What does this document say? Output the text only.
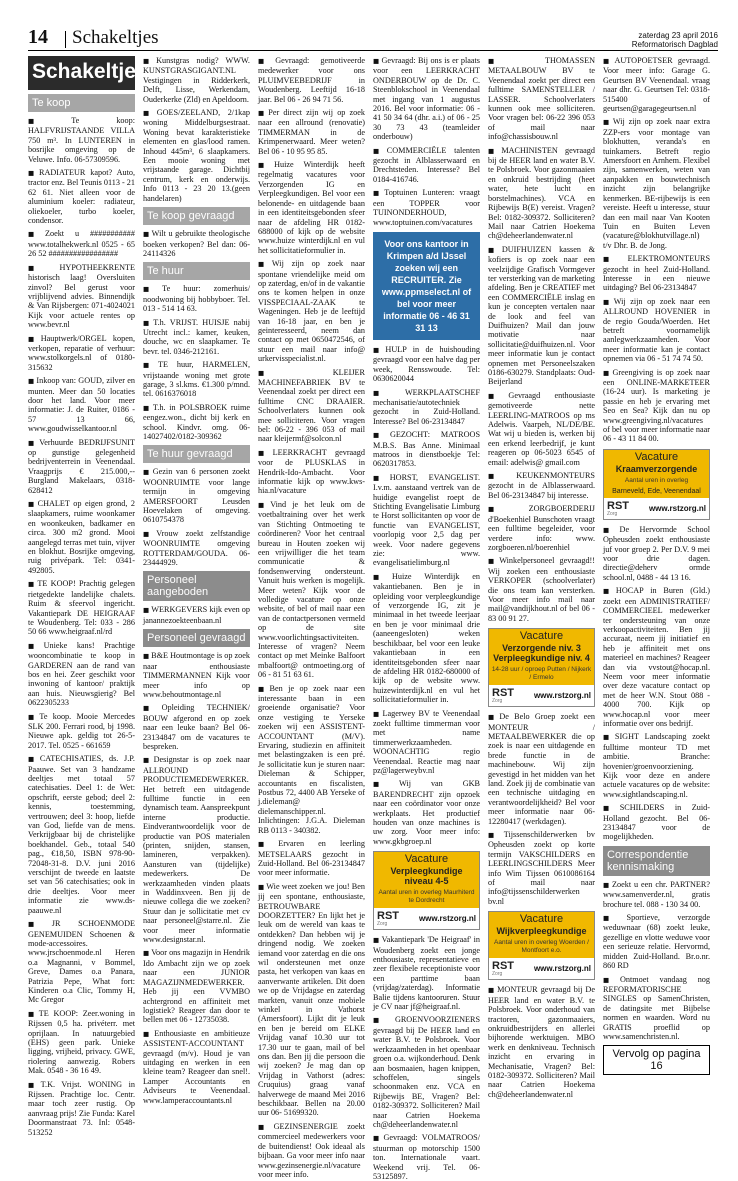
14 Schakeltjes	zaterdag 23 april 2016
Reformatorisch Dagblad
Schakeltjes
Te koop

■ Te koop: HALFVRIJSTAANDE VILLA 750 m³. In LUNTEREN in bosrijke omgeving op de Veluwe. Info. 06-57309596.

■ RADIATEUR kapot? Auto, tractor enz. Bel Teunis 0113 - 21 62 61. Niet alleen voor de aluminium koeler: radiateur, oliekoeler, turbo koeler, condensor.

■ Zoekt u ########### www.totalhekwerk.nl 0525 - 65 26 52 #################

■ HYPOTHEEKRENTE historisch laag! Oversluiten zinvol? Bel gerust voor vrijblijvend advies. Binnendijk & Van Rijsbergen: 071-4024021 Kijk voor actuele rentes op www.bevr.nl

■ Hauptwerk/ORGEL kopen, verkopen, reparatie of verhuur: www.stolkorgels.nl of 0180-315632

■ Inkoop van: GOUD, zilver en munten. Meer dan 50 locaties door het land. Voor meer informatie: J. de Ruiter, 0186 - 57 13 66, www.goudwisselkantoor.nl

■ Verhuurde BEDRIJFSUNIT op gunstige gelegenheid bedrijventerrein in Veenendaal. Vraagprijs € 215.000,-- Burgland Makelaars, 0318-628412

■ CHALET op eigen grond, 2 slaapkamers, ruime woonkamer en woonkeuken, badkamer en circa. 300 m2 grond. Mooi aangelegd terras met tuin, vijver en blokhut. Bosrijke omgeving, ruig privépark. Tel: 0341-492805.

■ TE KOOP! Prachtig gelegen rietgedekte landelijke chalets. Ruim & sfeervol ingericht. Vakantiepark DE HEIGRAAF te Woudenberg. Tel: 033 - 286 50 66 www.heigraaf.nl/rd

■ Unieke kans! Prachtige wooncombinatie te koop in GARDEREN aan de rand van bos en hei. Zeer geschikt voor inwoning of kantoor/ praktijk aan huis. Nieuwsgierig? Bel 0622305233

■ Te koop. Mooie Mercedes SLK 200. Ferrari rood, bj 1998. Nieuwe apk. geldig tot 26-5-2017. Tel. 0525 - 661659

■ CATECHISATIES, ds. J.P. Paauwe. Set van 3 handzame deeltjes met totaal 57 catechisaties. Deel 1: de Wet: opschrift, eerste gebod; deel 2: kennis, toestemming, vertrouwen; deel 3: hoop, liefde van God, liefde van de mens. Verkrijgbaar bij de christelijke boekhandel. Geb., totaal 540 pag., €18,50, ISBN 978-90-72048-31-8. D.V. juni 2016 verschijnt de tweede en laatste set van 56 catechisaties; ook in drie deeltjes. Voor meer informatie zie www.ds-paauwe.nl

■ JR SCHOENMODE GENEMUIDEN Schoenen & mode-accessoires. www.jrschoenmode.nl Heren o.a Magnanni, v Bommel, Greve, Dames o.a Panara, Patrizia Pepe, What fort: Kinderen o.a Clic, Tommy H, Mc Gregor

■ TE KOOP: Zeer.woning in Rijssen 0,5 ha. privéterr. met oprijlaan. In natuurgebied (EHS) geen park. Unieke ligging, vrijheid, privacy. GWE, riolering aanwezig. Robers Mak. 0548 - 36 16 49.

■ T.K. Vrijst. WONING in Rijssen. Prachtige loc. Centr. maar toch zeer rustig. Op aanvraag prijs! Zie Funda: Karel Doormanstraat 73. Inl: 0548-513252

■ Kunstgras nodig? WWW. KUNSTGRASGIGANT.NL Vestigingen in Ridderkerk, Delft, Lisse, Werkendam, Ouderkerke (Zld) en Apeldoorn.

■ GOES/ZEELAND, 2/1kap woning Middelburgsestraat. Woning bevat karakteristieke elementen en glas/lood ramen. Inhoud 445m³, 6 slaapkamers. Een mooie woning met vrijstaande garage. Dichtbij centrum, kerk en onderwijs. Info 0113 - 23 20 13.(geen handelaren)

Te koop gevraagd

■ Wilt u gebruikte theologische boeken verkopen? Bel dan: 06-24114326

Te huur

■ Te huur: zomerhuis/ noodwoning bij hobbyboer. Tel. 013 - 514 14 63.

■ T.h. VRIJST. HUISJE nabij Utrecht incl.: kamer, keuken, douche, wc en slaapkamer. Te bevr. tel. 0346-212161.

■ TE huur, HARMELEN, vrijstaande woning met grote garage, 3 sl.kms. €1.300 p/mnd. tel. 0616376018

■ T.h. in POLSBROEK ruime eengez.won., dicht bij kerk en school. Kindvr. omg. 06-14027402/0182-309362

Te huur gevraagd

■ Gezin van 6 personen zoekt WOONRUIMTE voor lange termijn in omgeving AMERSFOORT Leusden Hoevelaken of omgeving. 0610754378

■ Vrouw zoekt zelfstandige WOONRUIMTE omgeving ROTTERDAM/GOUDA. 06-23444929.

Personeel aangeboden

■ WERKGEVERS kijk even op janannezoekteenbaan.nl

Personeel gevraagd

■ B&E Houtmontage is op zoek naar enthousiaste TIMMERMANNEN Kijk voor meer info op www.behoutmontage.nl

■ Opleiding TECHNIEK/ BOUW afgerond en op zoek naar een leuke baan? Bel 06-23134847 om de vacatures te bespreken.

■ Designstar is op zoek naar ALLROUND PRODUCTIEMEDEWERKER. Het betreft een uitdagende fulltime functie in een dynamisch team. Aanspreekpunt interne productie. Eindverantwoordelijk voor de productie van POS materialen (printen, snijden, stansen, lamineren, verpakken). Aansturen van (tijdelijke) medewerkers. De werkzaamheden vinden plaats in Waddinxveen. Ben jij de nieuwe collega die we zoeken? Stuur dan je sollicitatie met cv naar personeel@starre.nl. Zie voor meer informatie www.designstar.nl.

■ Voor ons magazijn in Hendrik Ido Ambacht zijn we op zoek naar een JUNIOR MAGAZIJNMEDEWERKER. Heb jij een VVMBO achtergrond en affiniteit met logistiek? Reageer dan door te bellen met 06 - 12735038.

■ Enthousiaste en ambitieuze ASSISTENT-ACCOUNTANT gevraagd (m/v). Houd je van uitdaging en werken in een kleine team? Reageer dan snel!. Lamper Accountants en Adviseurs te Veenendaal. www.lamperaccountants.nl

■ Gevraagd: gemotiveerde medewerker voor ons PLUIMVEEBEDRIJF in Woudenberg. Leeftijd 16-18 jaar. Bel 06 - 26 94 71 56.

■ Per direct zijn wij op zoek naar een allround (renovatie) TIMMERMAN in de Krimpenerwaard. Meer weten? Bel 06 - 10 95 95 85.

■ Huize Winterdijk heeft regelmatig vacatures voor Verzorgenden IG en Verpleegkundigen. Bel voor een belonende- en uitdagende baan in een identiteitsgebonden sfeer naar de afdeling HR 0182-688000 of kijk op de website www.huize winterdijk.nl en vul het sollicitatieformulier in.

■ Wij zijn op zoek naar spontane vriendelijke meid om op zaterdag, en/of in de vakantie ons te komen helpen in onze VISSPECIAAL-ZAAK te Wageningen. Heb je de leeftijd van 16-18 jaar, en ben je geinteresseerd, neem dan contact op met 0650472546, of stuur een mail naar info@ urkervisspecialist.nl.

■ KLEIJER MACHINEFABRIEK BV te Veenendaal zoekt per direct een fulltime CNC DRAAIER. Schoolverlaters kunnen ook mee solliciteren. Voor vragen bel: 06-22 - 396 053 of mail naar kleijermf@solcon.nl

■ LEERKRACHT gevraagd voor de PLUSKLAS in Hendrik-Ido-Ambacht. Voor informatie kijk op www.kws-hia.nl/vacature

■ Vind je het leuk om de voetbaltraining over het werk van Stichting Ontmoeting te coördineren? Voor het centraal bureau in Houten zoeken wij een vrijwilliger die het team communicatie & fondsenwerving ondersteunt. Vanuit huis werken is mogelijk. Meer weten? Kijk voor de volledige vacature op onze website, of bel of mail naar een van de contactpersonen vermeld op de site www.voorlichtingsactiviteiten. Interesse of vragen? Neem contact op met Meinke Balfoort mbalfoort@ ontmoeting.org of 06 - 81 51 63 61.

■ Ben je op zoek naar een interessante baan in een groeiende organisatie? Voor onze vestiging te Yerseke zoeken wij een ASSISTENT-ACCOUNTANT (M/V). Ervaring, studiezin en affiniteit met belastingzaken is een pré. Je sollicitatie kun je sturen naar: Dieleman & Schipper, accountants en fiscalisten, Postbus 72, 4400 AB Yerseke of j.dieleman@ dielemanschipper.nl. Inlichtingen: J.G.A. Dieleman RB 0113 - 340382.

■ Ervaren en leerling METSELAARS gezocht in Zuid-Holland. Bel 06-23134847 voor meer informatie.

■ Wie weet zoeken we jou! Ben jij een spontane, enthousiaste, BETROUWBARE DOORZETTER? En lijkt het je leuk om de wereld van kaas te ontdekken? Dan hebben wij je dringend nodig. We zoeken iemand voor zaterdag en die ons wil ondersteunen met onze pasta, het verkopen van kaas en aanverwante artikelen. Dit doen we op de Vrijdagse en zaterdag markten, vanuit onze mobiele winkel in Vathorst (Amersfoort). Lijkt dit je leuk en ben je bereid om ELKE Vrijdag vanaf 10.30 uur tot 17.30 uur te gaan, mail of bel ons dan. Ben jij die persoon die wij zoeken? Je mag dan op Vrijdag in Vathorst (adres: Cruquius) graag vanaf halverwege de maand Mei 2016 beschikbaar. Bellen na 20.00 uur 06- 51699320.

■ GEZINSENERGIE zoekt commercieel medewerkers voor de buitendienst! Ook ideaal als bijbaan. Ga voor meer info naar www.gezinsenergie.nl/vacature voor meer info.

■ Gevraagd: Bij ons is er plaats voor een LEERKRACHT ONDERBOUW op de Dr. C. Steenblokschool in Veenendaal met ingang van 1 augustus 2016. Bel voor informatie: 06 - 41 50 34 64 (dhr. a.i.) of 06 - 25 30 73 43 (teamleider onderbouw)

■ COMMERCIËLE talenten gezocht in Alblasserwaard en Drechtsteden. Interesse? Bel 0184-416746.

■ Toptuinen Lunteren: vraagt een TOPPER voor TUINONDERHOUD, www.toptuinen.com/vacatures

Voor ons kantoor in Krimpen a/d IJssel zoeken wij een RECRUITER. Zie www.ppmselect.nl of bel voor meer informatie 06 - 46 31 31 13

■ HULP in de huishouding gevraagd voor een halve dag per week, Rensswoude. Tel: 0630620044

■ WERKPLAATSCHEF mechanisatie/autotechniek gezocht in Zuid-Holland. Interesse? Bel 06-23134847

■ GEZOCHT: MATROOS M.B.S. Bas Anne. Minimaal matroos in dienstboekje Tel: 0620317853.

■ HORST, EVANGELIST. I.v.m. aanstaand vertrek van de huidige evangelist roept de Stichting Evangelisatie Limburg te Horst sollicitanten op voor de functie van EVANGELIST, voorlopig voor 2,5 dag per week. Voor nadere gegevens zie: www. evangelisatielimburg.nl

■ Huize Winterdijk en vakantiebanen. Ben je in opleiding voor verpleegkundige of verzorgende IG, zit je minimaal in het tweede leerjaar en ben je voor minimaal drie (aaneengesloten) weken beschikbaar, bel voor een leuke vakantiebaan in een identiteitsgebonden sfeer naar de afdeling HR 0182-680000 of kijk op de website www. huizewinterdijk.nl en vul het sollicitatieformulier in.

■ Lagerwey BV te Veenendaal zoekt fulltime timmerman voor met name timmerwerkzaamheden. WOONACHTIG regio Veenendaal. Reactie mag naar pz@lagerweybv.nl

■ Wij van GKB BARENDRECHT zijn opzoek naar een coördinator voor onze werkplaats. Het productief houden van onze machines is uw zorg. Voor meer info: www.gkbgroep.nl

Vacature
Verpleegkundige niveau 4-5
Aantal uren in overleg Maurhiterd te Dordrecht
RST
Zorg
www.rstzorg.nl

■ Vakantiepark 'De Heigraaf' in Woudenberg zoekt een jonge enthousiaste, representatieve en zeer flexibele receptioniste voor een parttime baan (vrijdag/zaterdag). Informatie Balie tijdens kantooruren. Stuur je CV naar jf@heigraaf.nl.

■ GROENVOORZIENERS gevraagd bij De HEER land en water B.V. te Polsbroek. Voor werkzaamheden in het openbaar groen o.a. wijkonderhoud. Denk aan bosmaaien, hagen knippen, schoffelen, singels schoonmaken enz. VCA en Rijbewijs BE, Vragen? Bel: 0182-309372. Solliciteren? Mail naar Catrien Hoekema ch@deheerlandenwater.nl

■ Gevraagd: VOLMATROOS/ stuurman op motorschip 1500 ton. Internationale vaart. Weekend vrij. Tel. 06-53125897.

■ THOMASSEN METAALBOUW BV te Veenendaal zoekt per direct een fulltime SAMENSTELLER / LASSER. Schoolverlaters kunnen ook mee solliciteren. Voor vragen bel: 06-22 396 053 of mail naar info@chassisbouw.nl

■ MACHINISTEN gevraagd bij de HEER land en water B.V. te Polsbroek. Voor gazonmaaien en onkruid bestrijding (heet water, hete lucht en borstelmachines). VCA en Rijbewijs B(E) vereist. Vragen? Bel: 0182-309372. Solliciteren? Mail naar Catrien Hoekema ch@deheerlandenwater.nl

■ DUIFHUIZEN kassen & kofiers is op zoek naar een veelzijdige Grafisch Vormgever ter versterking van de marketing afdeling. Ben je CREATIEF met een COMMERCIËLE inslag en kun je concepten vertalen naar de look and feel van Duifhuizen? Mail dan jouw motivatie naar sollicitatie@duifhuizen.nl. Voor meer informatie kun je contact opnemen met Personeelszaken 0186-630279. Standplaats: Oud-Beijerland

■ Gevraagd enthousiaste gemotiveerde nette LEERLING-MATROOS op ms Adelwis. Vaarpeh, NL/DE/BE. Wat wij u bieden is, werken bij een erkend leerbedrijf, je kunt reageren op 06-5023 6545 of email: adelwis@ gmail.com

■ KEUKENMONTEURS gezocht in de Alblasserwaard. Bel 06-23134847 bij interesse.

■ ZORGBOERDERIJ d'Boekenhiel Bunschoten vraagt een fulltime begeleider, voor verdere info: www. zorgboeren.nl/boerenhiel

■ Winkelpersoneel gevraagd!! Wij zoeken een enthousiaste VERKOPER (schoolverlater) die ons team kan versterken. Voor meer info mail naar mail@vandijkhout.nl of bel 06 - 83 00 91 27.

Vacature
Verzorgende niv. 3 Verpleegkundige niv. 4
14-28 uur / oproep Putten / Nijkerk / Ermelo
RST
Zorg
www.rstzorg.nl

■ De Belo Groep zoekt een MONTEUR / METAALBEWERKER die op zoek is naar een uitdagende en brede functie in de machinebouw. Wij zijn gevestigd in het midden van het land. Zoek jij de combinatie van een technische uitdaging en verantwoordelijkheid? Bel voor meer informatie naar 06-12280417 (werkdagen).

■ Tijssenschilderwerken bv Opheusden zoekt op korte termijn VAKSCHILDERS en LEERLINGSCHILDERS Meer info Wim Tijssen 0610086164 of mail naar info@tijssenschilderwerken bv.nl

Vacature
Wijkverpleegkundige
Aantal uren in overleg Woerden / Montfoort e.o.
RST
Zorg
www.rstzorg.nl

■ MONTEUR gevraagd bij De HEER land en water B.V. te Polsbroek. Voor onderhoud van tractoren, gazonmaaiers, onkruidbestrijders en allerlei bijhorende werktuigen. MBO werk en denkniveau. Technisch inzicht en ervaring in Mechanisatie, Vragen? Bel: 0182-309372. Solliciteren? Mail naar Catrien Hoekema ch@deheerlandenwater.nl

■ AUTOPOETSER gevraagd. Voor meer info: Garage G. Geurtsen BV Veenendaal. vraag naar dhr. G. Geurtsen Tel: 0318-515400 of geurtsen@garagegeurtsen.nl

■ Wij zijn op zoek naar extra ZZP-ers voor montage van blokhutten, veranda's en tuinkamers. Betreft regio Amersfoort en Arnhem. Flexibel zijn, samenwerken, weten van aanpakken en bouwtechnisch inzicht zijn belangrijke kenmerken. BE-rijbewijs is een vereiste. Heeft u interesse, stuur dan een mail naar Van Kooten Tuin en Buiten Leven (vacature@blokhutvillage.nl) t/v Dhr. B. de Jong.

■ ELEKTROMONTEURS gezocht in heel Zuid-Holland. Interesse in een nieuwe uitdaging? Bel 06-23134847

■ Wij zijn op zoek naar een ALLROUND HOVENIER in de regio Gouda/Woerden. Het betreft voornamelijk aanlegwerkzaamheden. Voor meer informatie kan je contact opnemen via 06 - 51 74 74 50.

■ Greengiving is op zoek naar een ONLINE-MARKETEER (16-24 uur). Is marketing je passie en heb je ervaring met Seo en Sea? Kijk dan nu op www.greengiving.nl/vacatures of bel voor meer informatie naar 06 - 43 11 84 00.

Vacature
Kraamverzorgende
Aantal uren in overleg
Barneveld, Ede, Veenendaal
RST
Zorg
www.rstzorg.nl

■ De Hervormde School Opheusden zoekt enthousiaste juf voor groep 2. Per D.V. 9 mei voor drie dagen. directie@deherv ormde school.nl, 0488 - 44 13 16.

■ HOCAP in Buren (Gld.) zoekt een ADMINISTRATIEF/ COMMERCIEEL medewerker ter ondersteuning van onze verkoopactiviteiten. Ben jij accuraat, neem jij initiatief en heb je affiniteit met ons materieel en machines? Reageer dan via vvstout@hocap.nl. Neem voor meer informatie over deze vacature contact op met de heer W.N. Stout 088 - 4000 700. Kijk op www.hocap.nl voor meer informatie over ons bedrijf.

■ SIGHT Landscaping zoekt fulltime monteur TD met ambitie. Branche: hovenier/groenvoorziening. Kijk voor deze en andere actuele vacatures op de website: www.sightlandscaping.nl.

■ SCHILDERS in Zuid-Holland gezocht. Bel 06-23134847 voor de mogelijkheden.

Correspondentie kennismaking

■ Zoekt u een chr. PARTNER? www.samenverder.nl, gratis brochure tel. 088 - 130 34 00.

■ Sportieve, verzorgde weduwnaar (68) zoekt leuke, gezellige en vlotte weduwe voor een serieuze relatie. Hervormd, midden Zuid-Holland. Br.o.nr. 860 RD

■ Ontmoet vandaag nog REFORMATORISCHE SINGLES op SamenChristen, de datingsite met Bijbelse normen en waarden. Word nu GRATIS proeflid op www.samenchristen.nl.

Vervolg op pagina 16
